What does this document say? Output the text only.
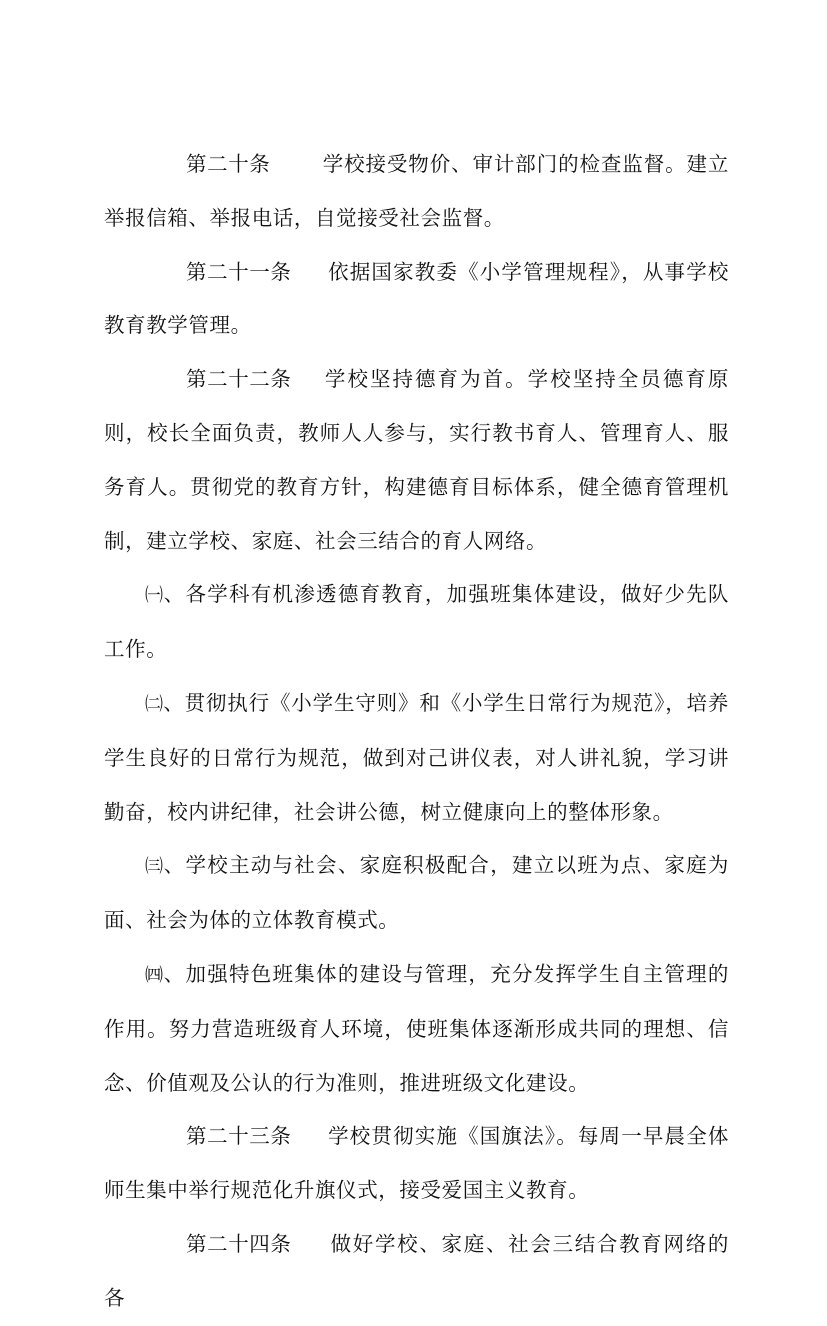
第二十条	学校接受物价、审计部门的检查监督。建立举报信箱、举报电话，自觉接受社会监督。

第二十一条 依据国家教委《小学管理规程》，从事学校教育教学管理。

第二十二条 学校坚持德育为首。学校坚持全员德育原则，校长全面负责，教师人人参与，实行教书育人、管理育人、服务育人。贯彻党的教育方针，构建德育目标体系，健全德育管理机制，建立学校、家庭、社会三结合的育人网络。

㈠、各学科有机渗透德育教育，加强班集体建设，做好少先队工作。

㈡、贯彻执行《小学生守则》和《小学生日常行为规范》，培养学生良好的日常行为规范，做到对己讲仪表，对人讲礼貌，学习讲勤奋，校内讲纪律，社会讲公德，树立健康向上的整体形象。

㈢、学校主动与社会、家庭积极配合，建立以班为点、家庭为面、社会为体的立体教育模式。

㈣、加强特色班集体的建设与管理，充分发挥学生自主管理的作用。努力营造班级育人环境，使班集体逐渐形成共同的理想、信念、价值观及公认的行为准则，推进班级文化建设。

第二十三条 学校贯彻实施《国旗法》。每周一早晨全体师生集中举行规范化升旗仪式，接受爱国主义教育。

第二十四条 做好学校、家庭、社会三结合教育网络的各
